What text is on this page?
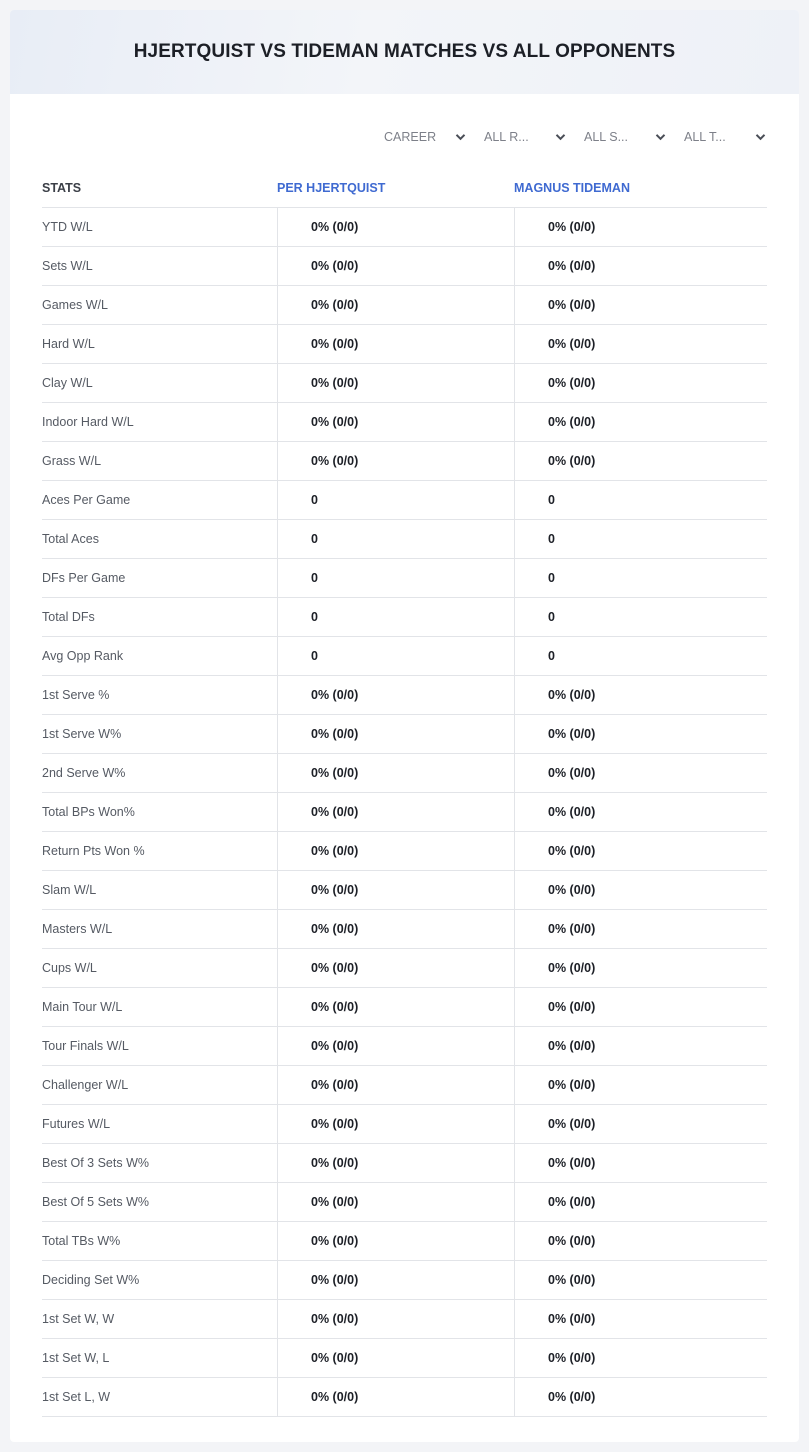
HJERTQUIST VS TIDEMAN MATCHES VS ALL OPPONENTS
CAREER	ALL R...	ALL S...	ALL T...
STATS	PER HJERTQUIST	MAGNUS TIDEMAN
YTD W/L	0% (0/0)	0% (0/0)
Sets W/L	0% (0/0)	0% (0/0)
Games W/L	0% (0/0)	0% (0/0)
Hard W/L	0% (0/0)	0% (0/0)
Clay W/L	0% (0/0)	0% (0/0)
Indoor Hard W/L	0% (0/0)	0% (0/0)
Grass W/L	0% (0/0)	0% (0/0)
Aces Per Game	0	0
Total Aces	0	0
DFs Per Game	0	0
Total DFs	0	0
Avg Opp Rank	0	0
1st Serve %	0% (0/0)	0% (0/0)
1st Serve W%	0% (0/0)	0% (0/0)
2nd Serve W%	0% (0/0)	0% (0/0)
Total BPs Won%	0% (0/0)	0% (0/0)
Return Pts Won %	0% (0/0)	0% (0/0)
Slam W/L	0% (0/0)	0% (0/0)
Masters W/L	0% (0/0)	0% (0/0)
Cups W/L	0% (0/0)	0% (0/0)
Main Tour W/L	0% (0/0)	0% (0/0)
Tour Finals W/L	0% (0/0)	0% (0/0)
Challenger W/L	0% (0/0)	0% (0/0)
Futures W/L	0% (0/0)	0% (0/0)
Best Of 3 Sets W%	0% (0/0)	0% (0/0)
Best Of 5 Sets W%	0% (0/0)	0% (0/0)
Total TBs W%	0% (0/0)	0% (0/0)
Deciding Set W%	0% (0/0)	0% (0/0)
1st Set W, W	0% (0/0)	0% (0/0)
1st Set W, L	0% (0/0)	0% (0/0)
1st Set L, W	0% (0/0)	0% (0/0)
